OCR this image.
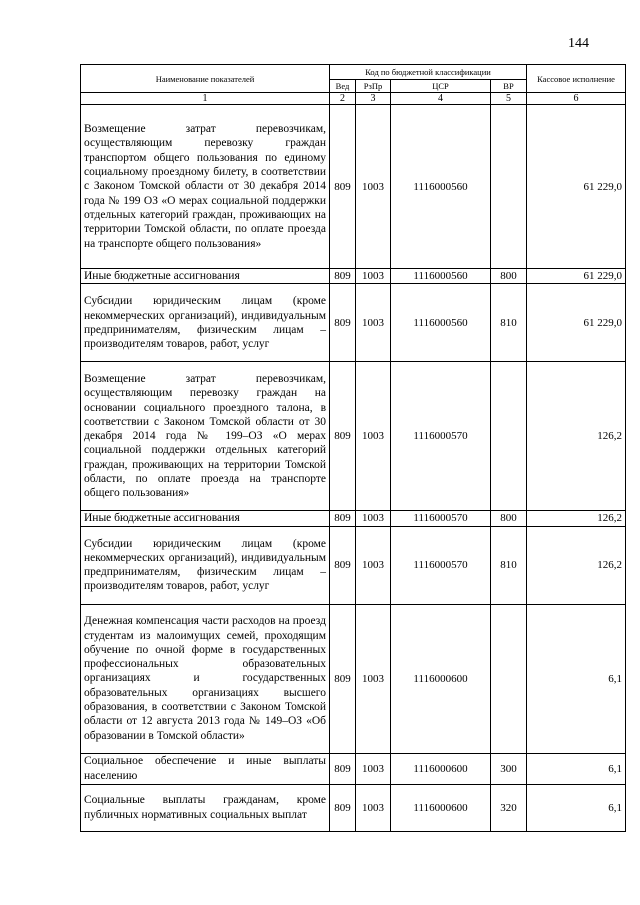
144
Наименование показателей	Код по бюджетной классификации				Кассовое исполнение
	Вед	РзПр	ЦСР	ВР	
1	2	3	4	5	6
Возмещение затрат перевозчикам, осуществляющим перевозку граждан транспортом общего пользования по единому социальному проездному билету, в соответствии с Законом Томской области от 30 декабря 2014 года № 199 ОЗ «О мерах социальной поддержки отдельных категорий граждан, проживающих на территории Томской области, по оплате проезда на транспорте общего пользования»	809	1003	1116000560		61 229,0
Иные бюджетные ассигнования	809	1003	1116000560	800	61 229,0
Субсидии юридическим лицам (кроме некоммерческих организаций), индивидуальным предпринимателям, физическим лицам – производителям товаров, работ, услуг	809	1003	1116000560	810	61 229,0
Возмещение затрат перевозчикам, осуществляющим перевозку граждан на основании социального проездного талона, в соответствии с Законом Томской области от 30 декабря 2014 года № 199–ОЗ «О мерах социальной поддержки отдельных категорий граждан, проживающих на территории Томской области, по оплате проезда на транспорте общего пользования»	809	1003	1116000570		126,2
Иные бюджетные ассигнования	809	1003	1116000570	800	126,2
Субсидии юридическим лицам (кроме некоммерческих организаций), индивидуальным предпринимателям, физическим лицам – производителям товаров, работ, услуг	809	1003	1116000570	810	126,2
Денежная компенсация части расходов на проезд студентам из малоимущих семей, проходящим обучение по очной форме в государственных профессиональных образовательных организациях и государственных образовательных организациях высшего образования, в соответствии с Законом Томской области от 12 августа 2013 года № 149–ОЗ «Об образовании в Томской области»	809	1003	1116000600		6,1
Социальное обеспечение и иные выплаты населению	809	1003	1116000600	300	6,1
Социальные выплаты гражданам, кроме публичных нормативных социальных выплат	809	1003	1116000600	320	6,1
